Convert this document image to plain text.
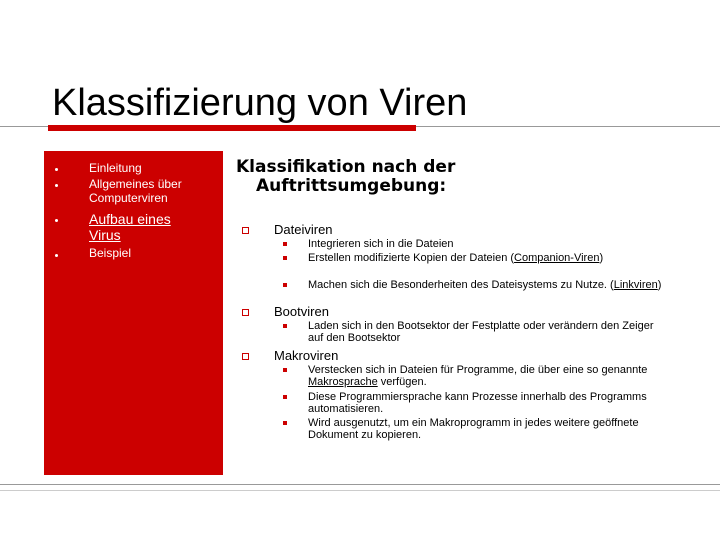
Klassifizierung von Viren
Einleitung
Allgemeines über Computerviren
Aufbau eines Virus
Beispiel
Klassifikation nach der
Auftrittsumgebung:
Dateiviren
Integrieren sich in die Dateien
Erstellen modifizierte Kopien der Dateien (Companion-Viren)
Machen sich die Besonderheiten des Dateisystems zu Nutze. (Linkviren)
Bootviren
Laden sich in den Bootsektor der Festplatte oder verändern den Zeiger auf den Bootsektor
Makroviren
Verstecken sich in Dateien für Programme, die über eine so genannte Makrosprache verfügen.
Diese Programmiersprache kann Prozesse innerhalb des Programms automatisieren.
Wird ausgenutzt, um ein Makroprogramm in jedes weitere geöffnete Dokument zu kopieren.
